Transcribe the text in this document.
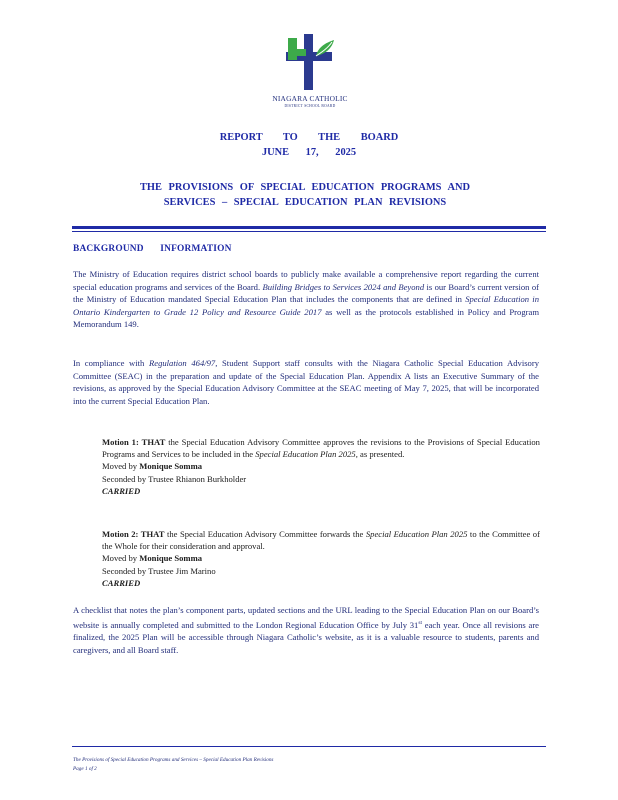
NIAGARA CATHOLIC
DISTRICT SCHOOL BOARD
REPORT TO THE BOARD
JUNE 17, 2025
THE PROVISIONS OF SPECIAL EDUCATION PROGRAMS AND
SERVICES – SPECIAL EDUCATION PLAN REVISIONS
BACKGROUND INFORMATION
The Ministry of Education requires district school boards to publicly make available a comprehensive report regarding the current special education programs and services of the Board. Building Bridges to Services 2024 and Beyond is our Board’s current version of the Ministry of Education mandated Special Education Plan that includes the components that are defined in Special Education in Ontario Kindergarten to Grade 12 Policy and Resource Guide 2017 as well as the protocols established in Policy and Program Memorandum 149.
In compliance with Regulation 464/97, Student Support staff consults with the Niagara Catholic Special Education Advisory Committee (SEAC) in the preparation and update of the Special Education Plan. Appendix A lists an Executive Summary of the revisions, as approved by the Special Education Advisory Committee at the SEAC meeting of May 7, 2025, that will be incorporated into the current Special Education Plan.
Motion 1: THAT the Special Education Advisory Committee approves the revisions to the Provisions of Special Education Programs and Services to be included in the Special Education Plan 2025, as presented.
Moved by Monique Somma
Seconded by Trustee Rhianon Burkholder
CARRIED
Motion 2: THAT the Special Education Advisory Committee forwards the Special Education Plan 2025 to the Committee of the Whole for their consideration and approval.
Moved by Monique Somma
Seconded by Trustee Jim Marino
CARRIED
A checklist that notes the plan’s component parts, updated sections and the URL leading to the Special Education Plan on our Board’s website is annually completed and submitted to the London Regional Education Office by July 31st each year. Once all revisions are finalized, the 2025 Plan will be accessible through Niagara Catholic’s website, as it is a valuable resource to students, parents and caregivers, and all Board staff.
The Provisions of Special Education Programs and Services – Special Education Plan Revisions
Page 1 of 2
